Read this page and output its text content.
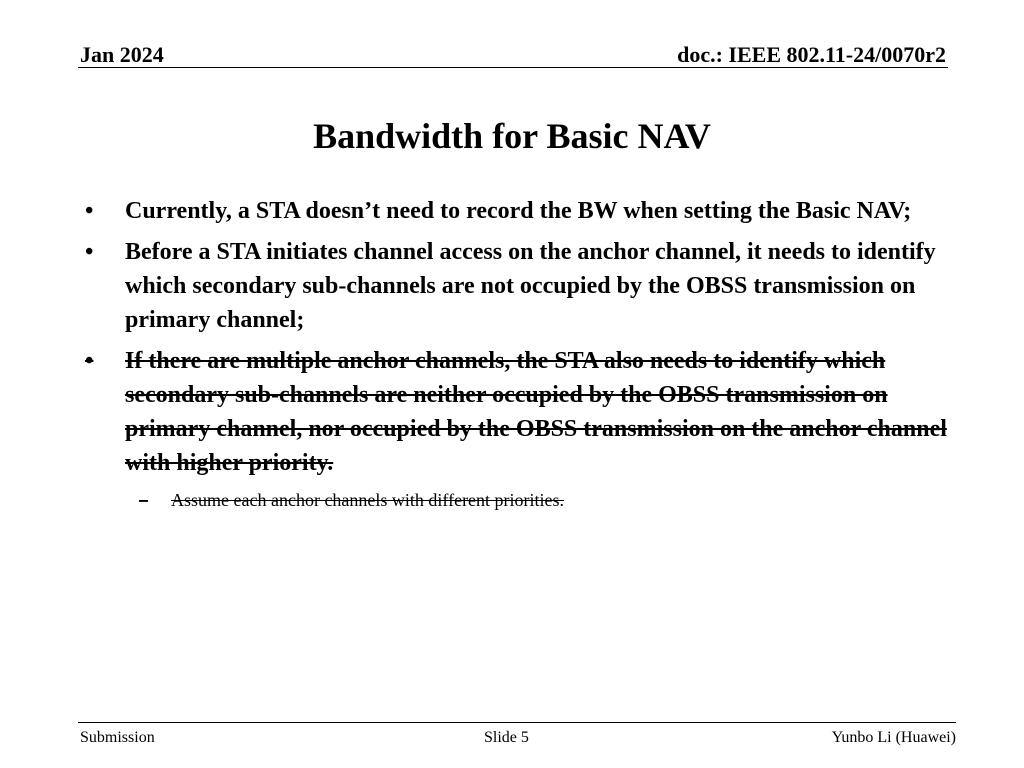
Jan 2024	doc.: IEEE 802.11-24/0070r2
Bandwidth for Basic NAV
• Currently, a STA doesn’t need to record the BW when setting the Basic NAV;
• Before a STA initiates channel access on the anchor channel, it needs to identify which secondary sub-channels are not occupied by the OBSS transmission on primary channel;
• If there are multiple anchor channels, the STA also needs to identify which secondary sub-channels are neither occupied by the OBSS transmission on primary channel, nor occupied by the OBSS transmission on the anchor channel with higher priority.
– Assume each anchor channels with different priorities.
Submission	Slide 5	Yunbo Li (Huawei)
